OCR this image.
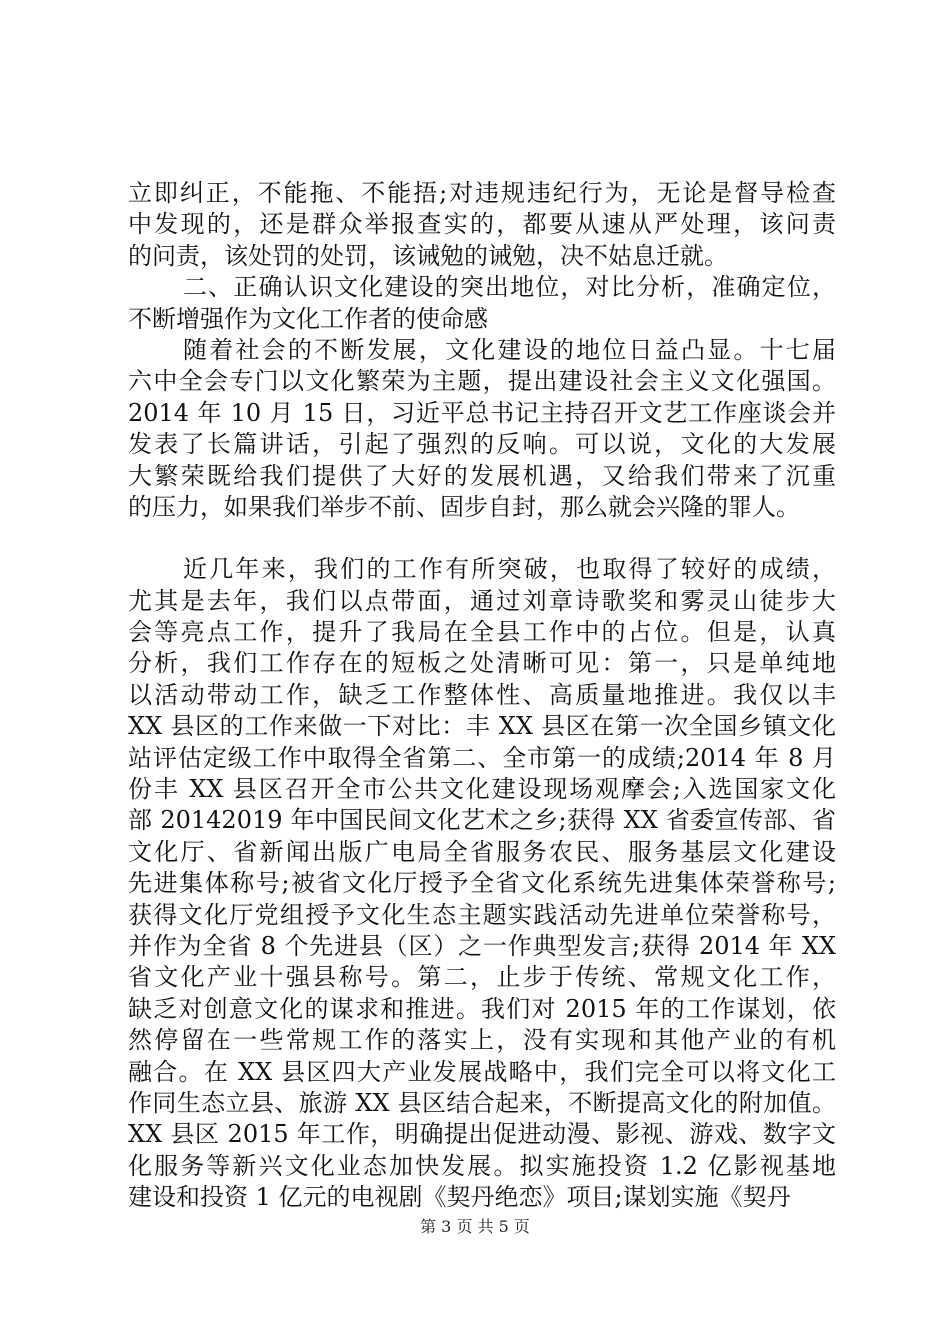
立即纠正，不能拖、不能捂;对违规违纪行为，无论是督导检查
中发现的，还是群众举报查实的，都要从速从严处理，该问责
的问责，该处罚的处罚，该诫勉的诫勉，决不姑息迁就。
二、正确认识文化建设的突出地位，对比分析，准确定位，
不断增强作为文化工作者的使命感
随着社会的不断发展，文化建设的地位日益凸显。十七届
六中全会专门以文化繁荣为主题，提出建设社会主义文化强国。
2014 年 10 月 15 日，习近平总书记主持召开文艺工作座谈会并
发表了长篇讲话，引起了强烈的反响。可以说，文化的大发展
大繁荣既给我们提供了大好的发展机遇，又给我们带来了沉重
的压力，如果我们举步不前、固步自封，那么就会兴隆的罪人。
近几年来，我们的工作有所突破，也取得了较好的成绩，
尤其是去年，我们以点带面，通过刘章诗歌奖和雾灵山徒步大
会等亮点工作，提升了我局在全县工作中的占位。但是，认真
分析，我们工作存在的短板之处清晰可见：第一，只是单纯地
以活动带动工作，缺乏工作整体性、高质量地推进。我仅以丰
XX 县区的工作来做一下对比：丰 XX 县区在第一次全国乡镇文化
站评估定级工作中取得全省第二、全市第一的成绩;2014 年 8 月
份丰 XX 县区召开全市公共文化建设现场观摩会;入选国家文化
部 20142019 年中国民间文化艺术之乡;获得 XX 省委宣传部、省
文化厅、省新闻出版广电局全省服务农民、服务基层文化建设
先进集体称号;被省文化厅授予全省文化系统先进集体荣誉称号;
获得文化厅党组授予文化生态主题实践活动先进单位荣誉称号，
并作为全省 8 个先进县（区）之一作典型发言;获得 2014 年 XX
省文化产业十强县称号。第二，止步于传统、常规文化工作，
缺乏对创意文化的谋求和推进。我们对 2015 年的工作谋划，依
然停留在一些常规工作的落实上，没有实现和其他产业的有机
融合。在 XX 县区四大产业发展战略中，我们完全可以将文化工
作同生态立县、旅游 XX 县区结合起来，不断提高文化的附加值。
XX 县区 2015 年工作，明确提出促进动漫、影视、游戏、数字文
化服务等新兴文化业态加快发展。拟实施投资 1.2 亿影视基地
建设和投资 1 亿元的电视剧《契丹绝恋》项目;谋划实施《契丹
第 3 页 共 5 页
